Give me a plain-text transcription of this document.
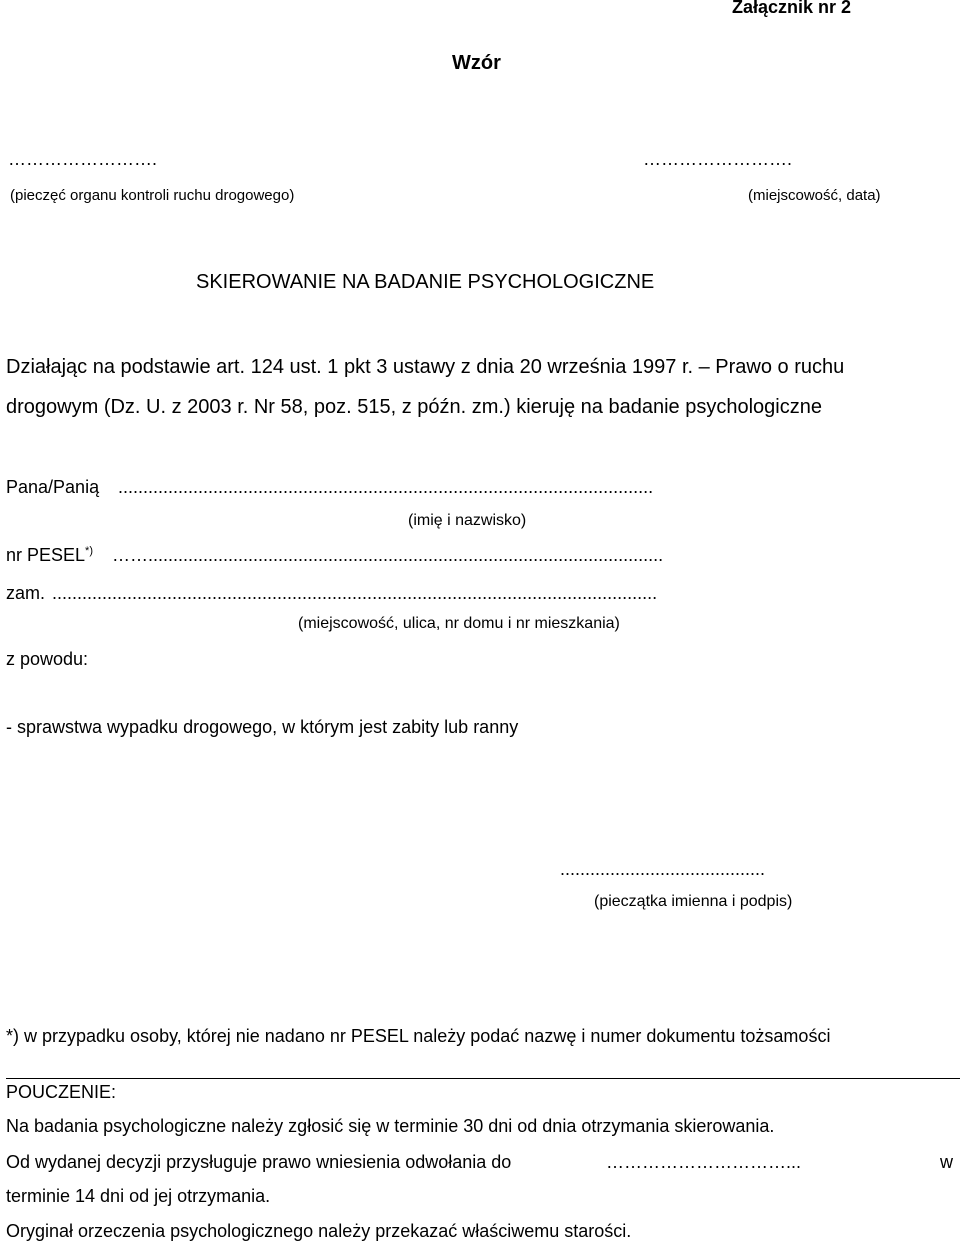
Załącznik nr 2
Wzór
…………………….
(pieczęć organu kontroli ruchu drogowego)
…………………….
(miejscowość, data)
SKIEROWANIE NA BADANIE PSYCHOLOGICZNE
Działając na podstawie art. 124 ust. 1 pkt 3 ustawy z dnia 20 września 1997 r. – Prawo o ruchu
drogowym (Dz. U. z 2003 r. Nr 58, poz. 515, z późn. zm.) kieruję na badanie psychologiczne
Pana/Panią ...........................................................................................................
(imię i nazwisko)
nr PESEL*) …….......................................................................................................
zam. .........................................................................................................................
(miejscowość, ulica, nr domu i nr mieszkania)
z powodu:
- sprawstwa wypadku drogowego, w którym jest zabity lub ranny
.........................................
(pieczątka imienna i podpis)
*) w przypadku osoby, której nie nadano nr PESEL należy podać nazwę i numer dokumentu tożsamości
POUCZENIE:
Na badania psychologiczne należy zgłosić się w terminie 30 dni od dnia otrzymania skierowania.
Od wydanej decyzji przysługuje prawo wniesienia odwołania do	…………………………...	w
terminie 14 dni od jej otrzymania.
Oryginał orzeczenia psychologicznego należy przekazać właściwemu starości.
